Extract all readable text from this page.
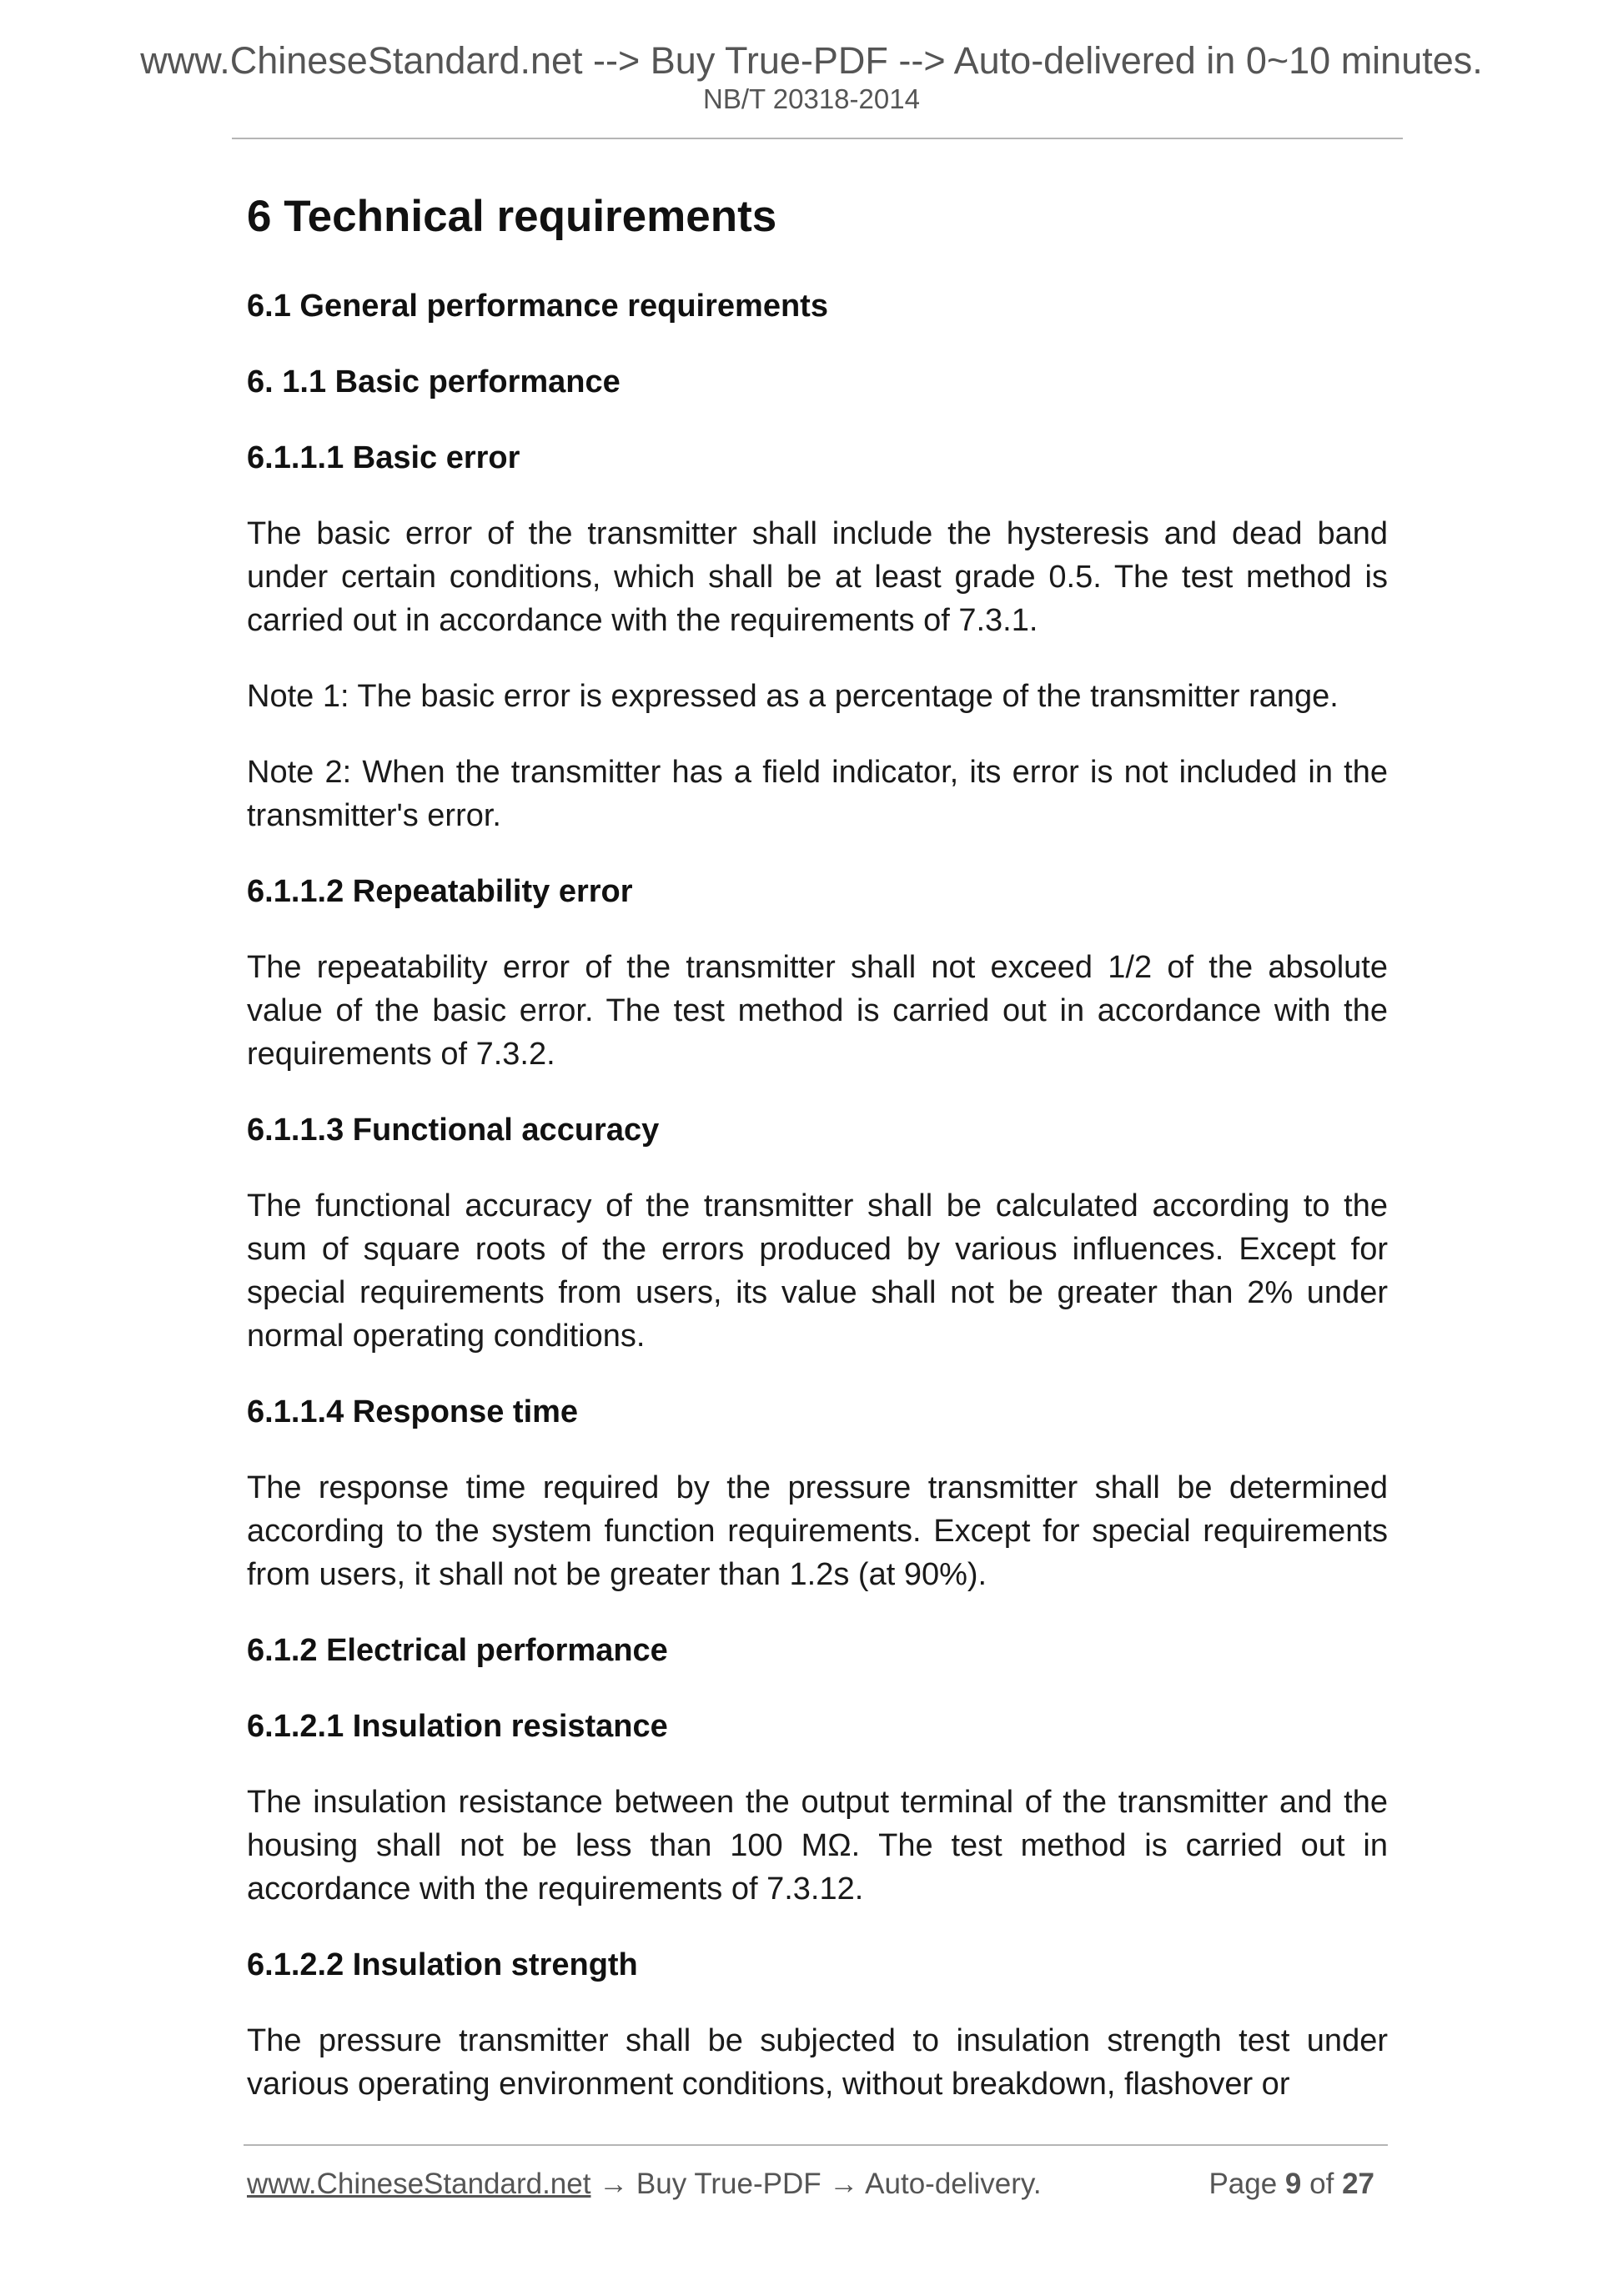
www.ChineseStandard.net --> Buy True-PDF --> Auto-delivered in 0~10 minutes.
NB/T 20318-2014
6 Technical requirements
6.1 General performance requirements
6. 1.1 Basic performance
6.1.1.1 Basic error
The basic error of the transmitter shall include the hysteresis and dead band under certain conditions, which shall be at least grade 0.5. The test method is carried out in accordance with the requirements of 7.3.1.
Note 1: The basic error is expressed as a percentage of the transmitter range.
Note 2: When the transmitter has a field indicator, its error is not included in the transmitter's error.
6.1.1.2 Repeatability error
The repeatability error of the transmitter shall not exceed 1/2 of the absolute value of the basic error. The test method is carried out in accordance with the requirements of 7.3.2.
6.1.1.3 Functional accuracy
The functional accuracy of the transmitter shall be calculated according to the sum of square roots of the errors produced by various influences. Except for special requirements from users, its value shall not be greater than 2% under normal operating conditions.
6.1.1.4 Response time
The response time required by the pressure transmitter shall be determined according to the system function requirements. Except for special requirements from users, it shall not be greater than 1.2s (at 90%).
6.1.2 Electrical performance
6.1.2.1 Insulation resistance
The insulation resistance between the output terminal of the transmitter and the housing shall not be less than 100 MΩ. The test method is carried out in accordance with the requirements of 7.3.12.
6.1.2.2 Insulation strength
The pressure transmitter shall be subjected to insulation strength test under various operating environment conditions, without breakdown, flashover or
www.ChineseStandard.net → Buy True-PDF → Auto-delivery.	Page 9 of 27
